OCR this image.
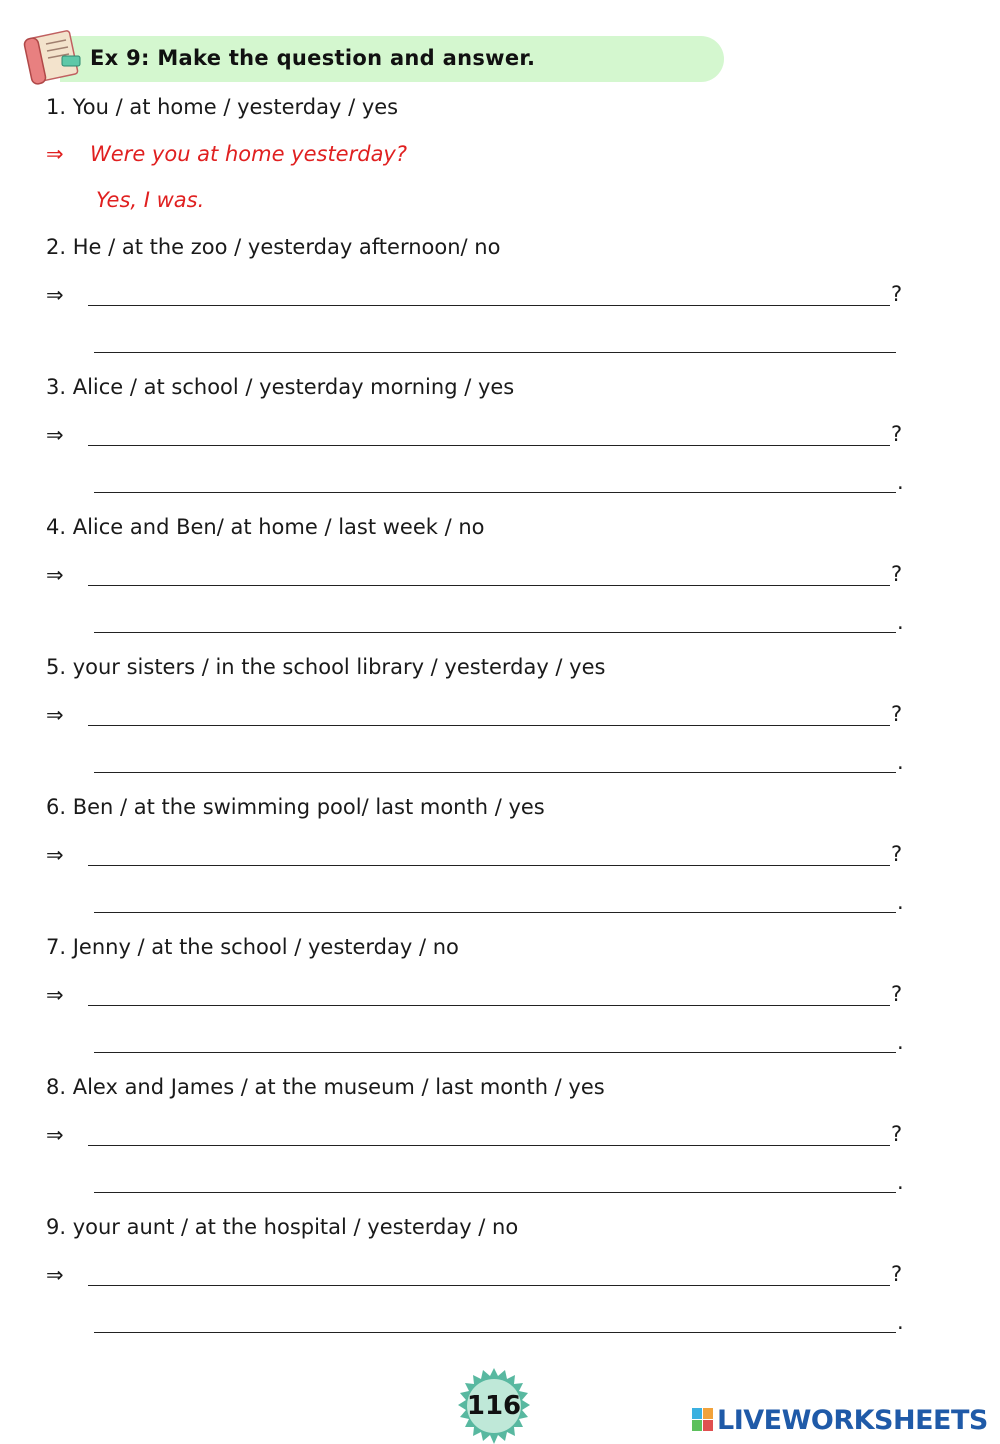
Ex 9: Make the question and answer.
1. You / at home / yesterday / yes
⇒ Were you at home yesterday?
Yes, I was.
2. He / at the zoo / yesterday afternoon/ no
⇒	?
3. Alice / at school / yesterday morning / yes
⇒	?
.
4. Alice and Ben/ at home / last week / no
⇒	?
.
5. your sisters / in the school library / yesterday / yes
⇒	?
.
6. Ben / at the swimming pool/ last month / yes
⇒	?
.
7. Jenny / at the school / yesterday / no
⇒	?
.
8. Alex and James / at the museum / last month / yes
⇒	?
.
9. your aunt / at the hospital / yesterday / no
⇒	?
.
116	LIVEWORKSHEETS
